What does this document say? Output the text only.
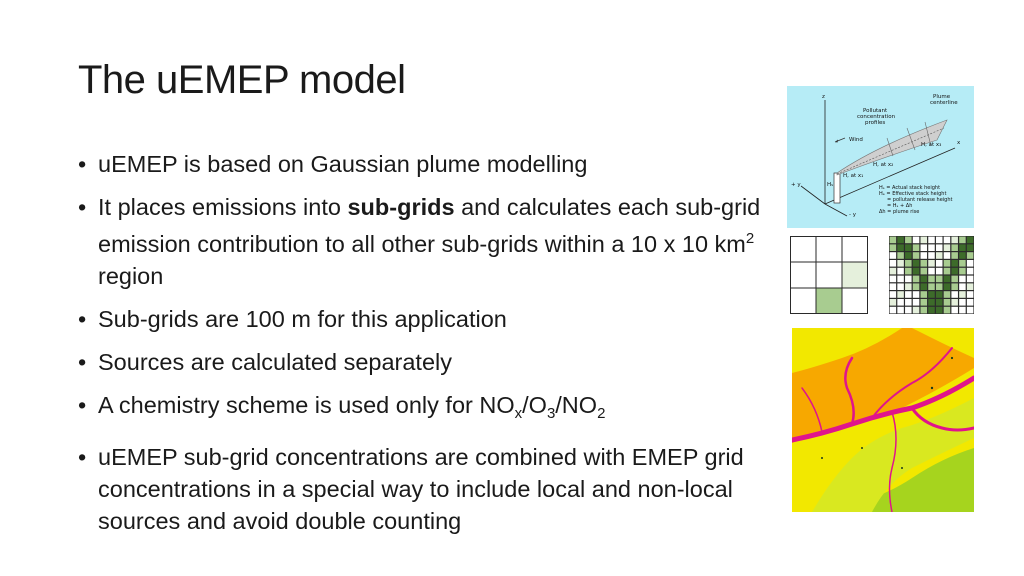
The uEMEP model
• uEMEP is based on Gaussian plume modelling
• It places emissions into sub-grids and calculates each sub-grid emission contribution to all other sub-grids within a 10 x 10 $km^2$ region
• Sub-grids are 100 m for this application
• Sources are calculated separately
• A chemistry scheme is used only for $NO_x/O_3/NO_2$
• uEMEP sub-grid concentrations are combined with EMEP grid concentrations in a special way to include local and non-local sources and avoid double counting
z
x
+ y
- y
Plume
centerline
Pollutant
concentration
profiles
Wind
H, at x₃
H, at x₂
H, at x₁
Hₛ	Hₛ = Actual stack height
Hₑ = Effective stack height
= pollutant release height
= Hₛ + Δh
Δh = plume rise
